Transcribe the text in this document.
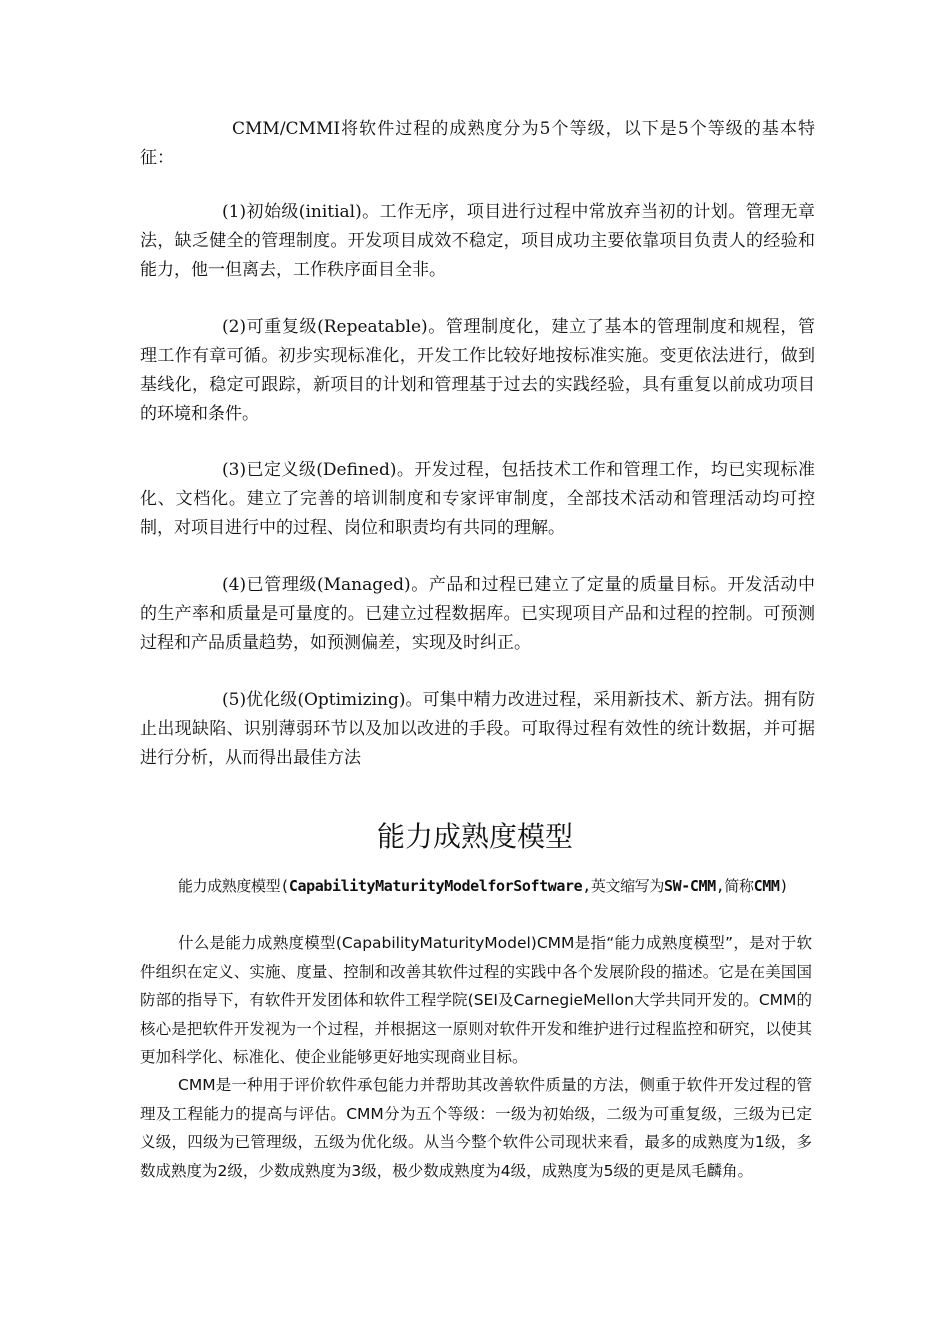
CMM/CMMI将软件过程的成熟度分为5个等级，以下是5个等级的基本特征：

(1)初始级(initial)。工作无序，项目进行过程中常放弃当初的计划。管理无章法，缺乏健全的管理制度。开发项目成效不稳定，项目成功主要依靠项目负责人的经验和能力，他一但离去，工作秩序面目全非。

(2)可重复级(Repeatable)。管理制度化，建立了基本的管理制度和规程，管理工作有章可循。初步实现标准化，开发工作比较好地按标准实施。变更依法进行，做到基线化，稳定可跟踪，新项目的计划和管理基于过去的实践经验，具有重复以前成功项目的环境和条件。

(3)已定义级(Defined)。开发过程，包括技术工作和管理工作，均已实现标准化、文档化。建立了完善的培训制度和专家评审制度，全部技术活动和管理活动均可控制，对项目进行中的过程、岗位和职责均有共同的理解。

(4)已管理级(Managed)。产品和过程已建立了定量的质量目标。开发活动中的生产率和质量是可量度的。已建立过程数据库。已实现项目产品和过程的控制。可预测过程和产品质量趋势，如预测偏差，实现及时纠正。

(5)优化级(Optimizing)。可集中精力改进过程，采用新技术、新方法。拥有防止出现缺陷、识别薄弱环节以及加以改进的手段。可取得过程有效性的统计数据，并可据进行分析，从而得出最佳方法

能力成熟度模型

能力成熟度模型(CapabilityMaturityModelforSoftware,英文缩写为SW-CMM,简称CMM)

什么是能力成熟度模型(CapabilityMaturityModel)CMM是指“能力成熟度模型”，是对于软件组织在定义、实施、度量、控制和改善其软件过程的实践中各个发展阶段的描述。它是在美国国防部的指导下，有软件开发团体和软件工程学院(SEI及CarnegieMellon大学共同开发的。CMM的核心是把软件开发视为一个过程，并根据这一原则对软件开发和维护进行过程监控和研究，以使其更加科学化、标准化、使企业能够更好地实现商业目标。

CMM是一种用于评价软件承包能力并帮助其改善软件质量的方法，侧重于软件开发过程的管理及工程能力的提高与评估。CMM分为五个等级：一级为初始级，二级为可重复级，三级为已定义级，四级为已管理级，五级为优化级。从当今整个软件公司现状来看，最多的成熟度为1级，多数成熟度为2级，少数成熟度为3级，极少数成熟度为4级，成熟度为5级的更是凤毛麟角。
